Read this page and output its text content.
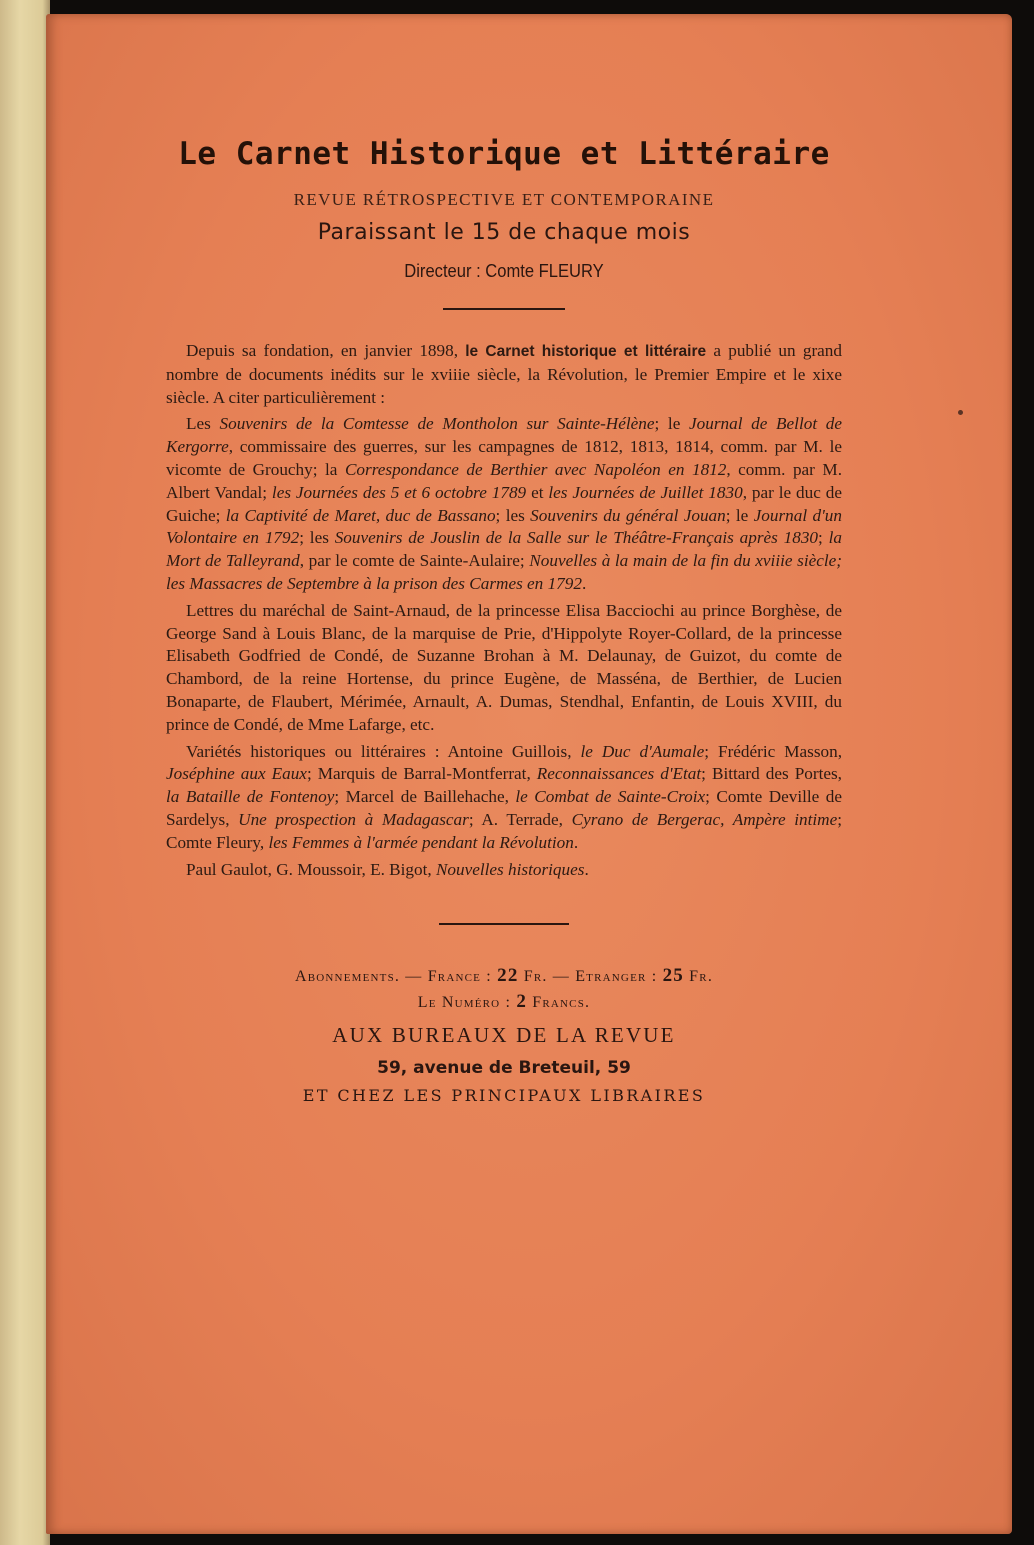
Le Carnet Historique et Littéraire
REVUE RÉTROSPECTIVE ET CONTEMPORAINE
Paraissant le 15 de chaque mois
Directeur : Comte FLEURY

Depuis sa fondation, en janvier 1898, le Carnet historique et littéraire a publié un grand nombre de documents inédits sur le xviiie siècle, la Révolution, le Premier Empire et le xixe siècle. A citer particulièrement :

Les Souvenirs de la Comtesse de Montholon sur Sainte-Hélène; le Journal de Bellot de Kergorre, commissaire des guerres, sur les campagnes de 1812, 1813, 1814, comm. par M. le vicomte de Grouchy; la Correspondance de Berthier avec Napoléon en 1812, comm. par M. Albert Vandal; les Journées des 5 et 6 octobre 1789 et les Journées de Juillet 1830, par le duc de Guiche; la Captivité de Maret, duc de Bassano; les Souvenirs du général Jouan; le Journal d'un Volontaire en 1792; les Souvenirs de Jouslin de la Salle sur le Théâtre-Français après 1830; la Mort de Talleyrand, par le comte de Sainte-Aulaire; Nouvelles à la main de la fin du xviiie siècle; les Massacres de Septembre à la prison des Carmes en 1792.

Lettres du maréchal de Saint-Arnaud, de la princesse Elisa Bacciochi au prince Borghèse, de George Sand à Louis Blanc, de la marquise de Prie, d'Hippolyte Royer-Collard, de la princesse Elisabeth Godfried de Condé, de Suzanne Brohan à M. Delaunay, de Guizot, du comte de Chambord, de la reine Hortense, du prince Eugène, de Masséna, de Berthier, de Lucien Bonaparte, de Flaubert, Mérimée, Arnault, A. Dumas, Stendhal, Enfantin, de Louis XVIII, du prince de Condé, de Mme Lafarge, etc.

Variétés historiques ou littéraires : Antoine Guillois, le Duc d'Aumale; Frédéric Masson, Joséphine aux Eaux; Marquis de Barral-Montferrat, Reconnaissances d'Etat; Bittard des Portes, la Bataille de Fontenoy; Marcel de Baillehache, le Combat de Sainte-Croix; Comte Deville de Sardelys, Une prospection à Madagascar; A. Terrade, Cyrano de Bergerac, Ampère intime; Comte Fleury, les Femmes à l'armée pendant la Révolution.

Paul Gaulot, G. Moussoir, E. Bigot, Nouvelles historiques.

Abonnements. — France : 22 Fr. — Etranger : 25 Fr.
Le Numéro : 2 Francs.
AUX BUREAUX DE LA REVUE
59, avenue de Breteuil, 59
ET CHEZ LES PRINCIPAUX LIBRAIRES
